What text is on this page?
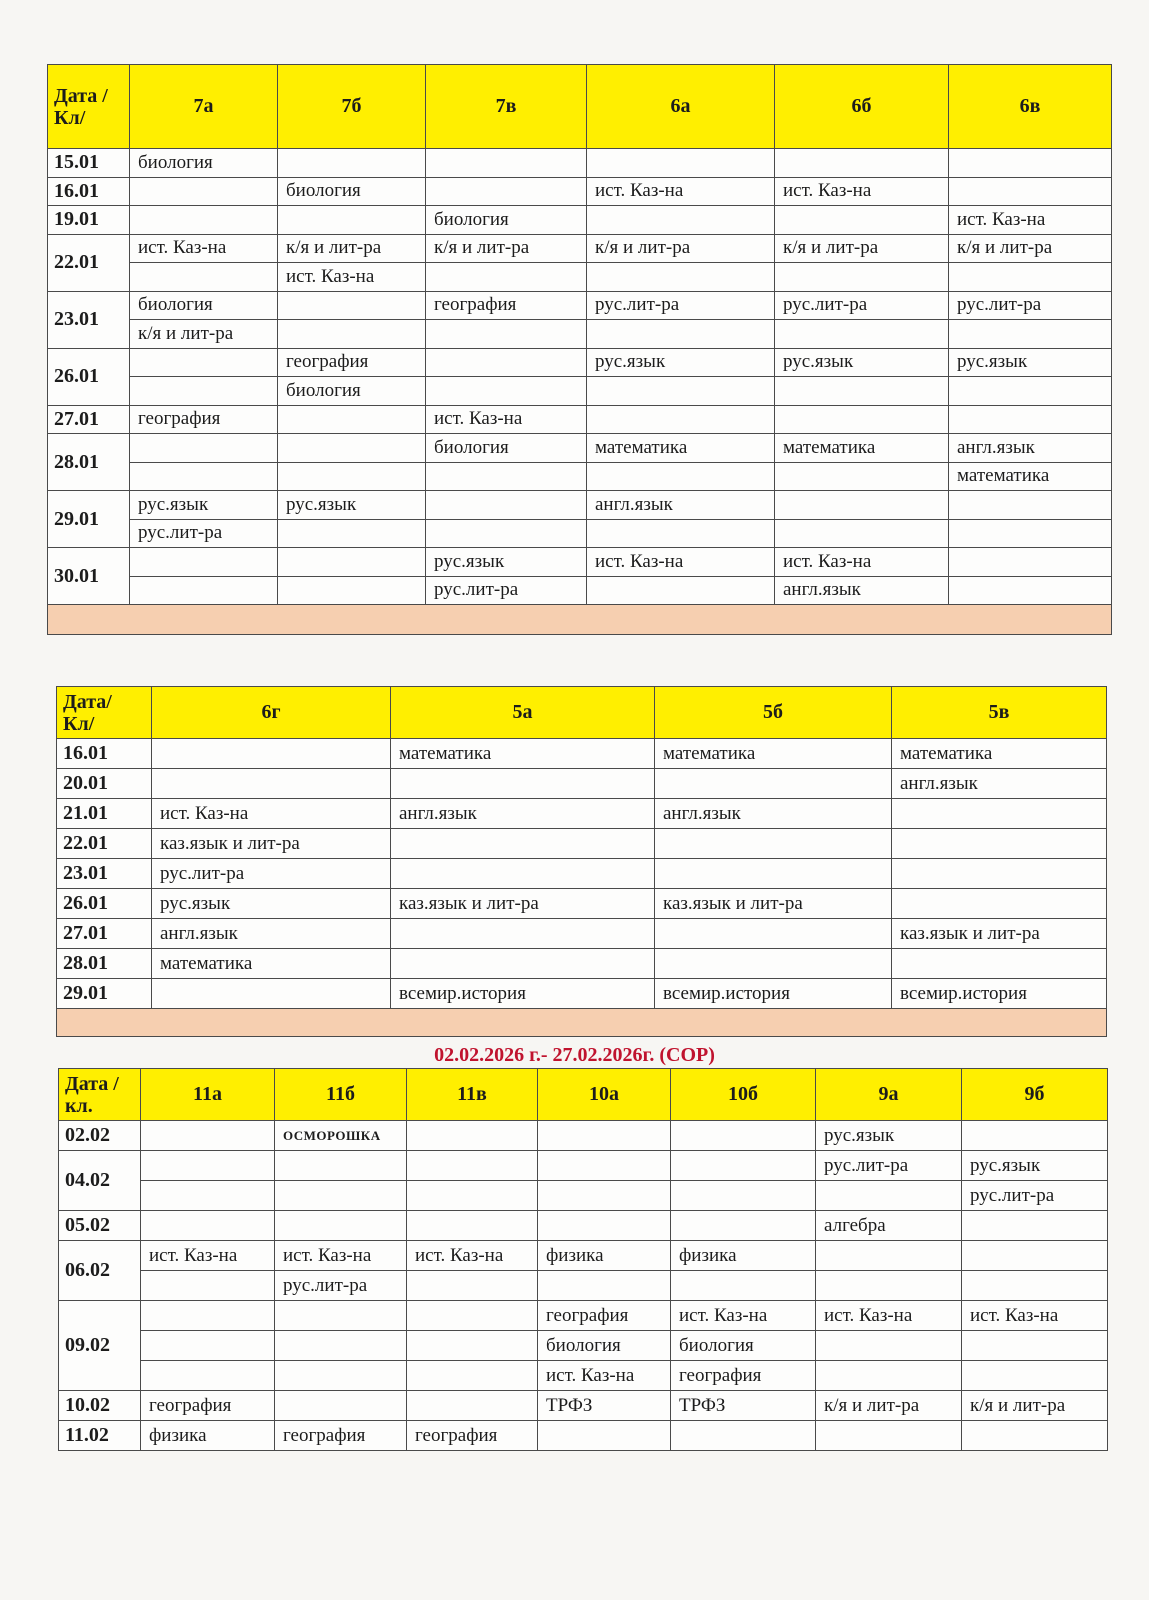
Дата / Кл/	7а	7б	7в	6а	6б	6в
15.01	биология					
16.01		биология		ист. Каз-на	ист. Каз-на	
19.01			биология			ист. Каз-на
22.01	ист. Каз-на	к/я и лит-ра	к/я и лит-ра	к/я и лит-ра	к/я и лит-ра	к/я и лит-ра
		ист. Каз-на				
23.01	биология		география	рус.лит-ра	рус.лит-ра	рус.лит-ра
	к/я и лит-ра					
26.01		география		рус.язык	рус.язык	рус.язык
		биология				
27.01	география		ист. Каз-на			
28.01			биология	математика	математика	англ.язык
						математика
29.01	рус.язык	рус.язык		англ.язык		
	рус.лит-ра					
30.01			рус.язык	ист. Каз-на	ист. Каз-на	
			рус.лит-ра		англ.язык	

Дата/ Кл/	6г	5а	5б	5в
16.01		математика	математика	математика
20.01				англ.язык
21.01	ист. Каз-на	англ.язык	англ.язык	
22.01	каз.язык и лит-ра			
23.01	рус.лит-ра			
26.01	рус.язык	каз.язык и лит-ра	каз.язык и лит-ра	
27.01	англ.язык			каз.язык и лит-ра
28.01	математика			
29.01		всемир.история	всемир.история	всемир.история

02.02.2026 г.- 27.02.2026г. (СОР)
Дата /кл.	11а	11б	11в	10а	10б	9а	9б
02.02		ОСМОРОШКА				рус.язык	
04.02						рус.лит-ра	рус.язык
							рус.лит-ра
05.02						алгебра	
06.02	ист. Каз-на	ист. Каз-на	ист. Каз-на	физика	физика		
		рус.лит-ра					
09.02				география	ист. Каз-на	ист. Каз-на	ист. Каз-на
				биология	биология		
				ист. Каз-на	география		
10.02	география			ТРФЗ	ТРФЗ	к/я и лит-ра	к/я и лит-ра
11.02	физика	география	география				
